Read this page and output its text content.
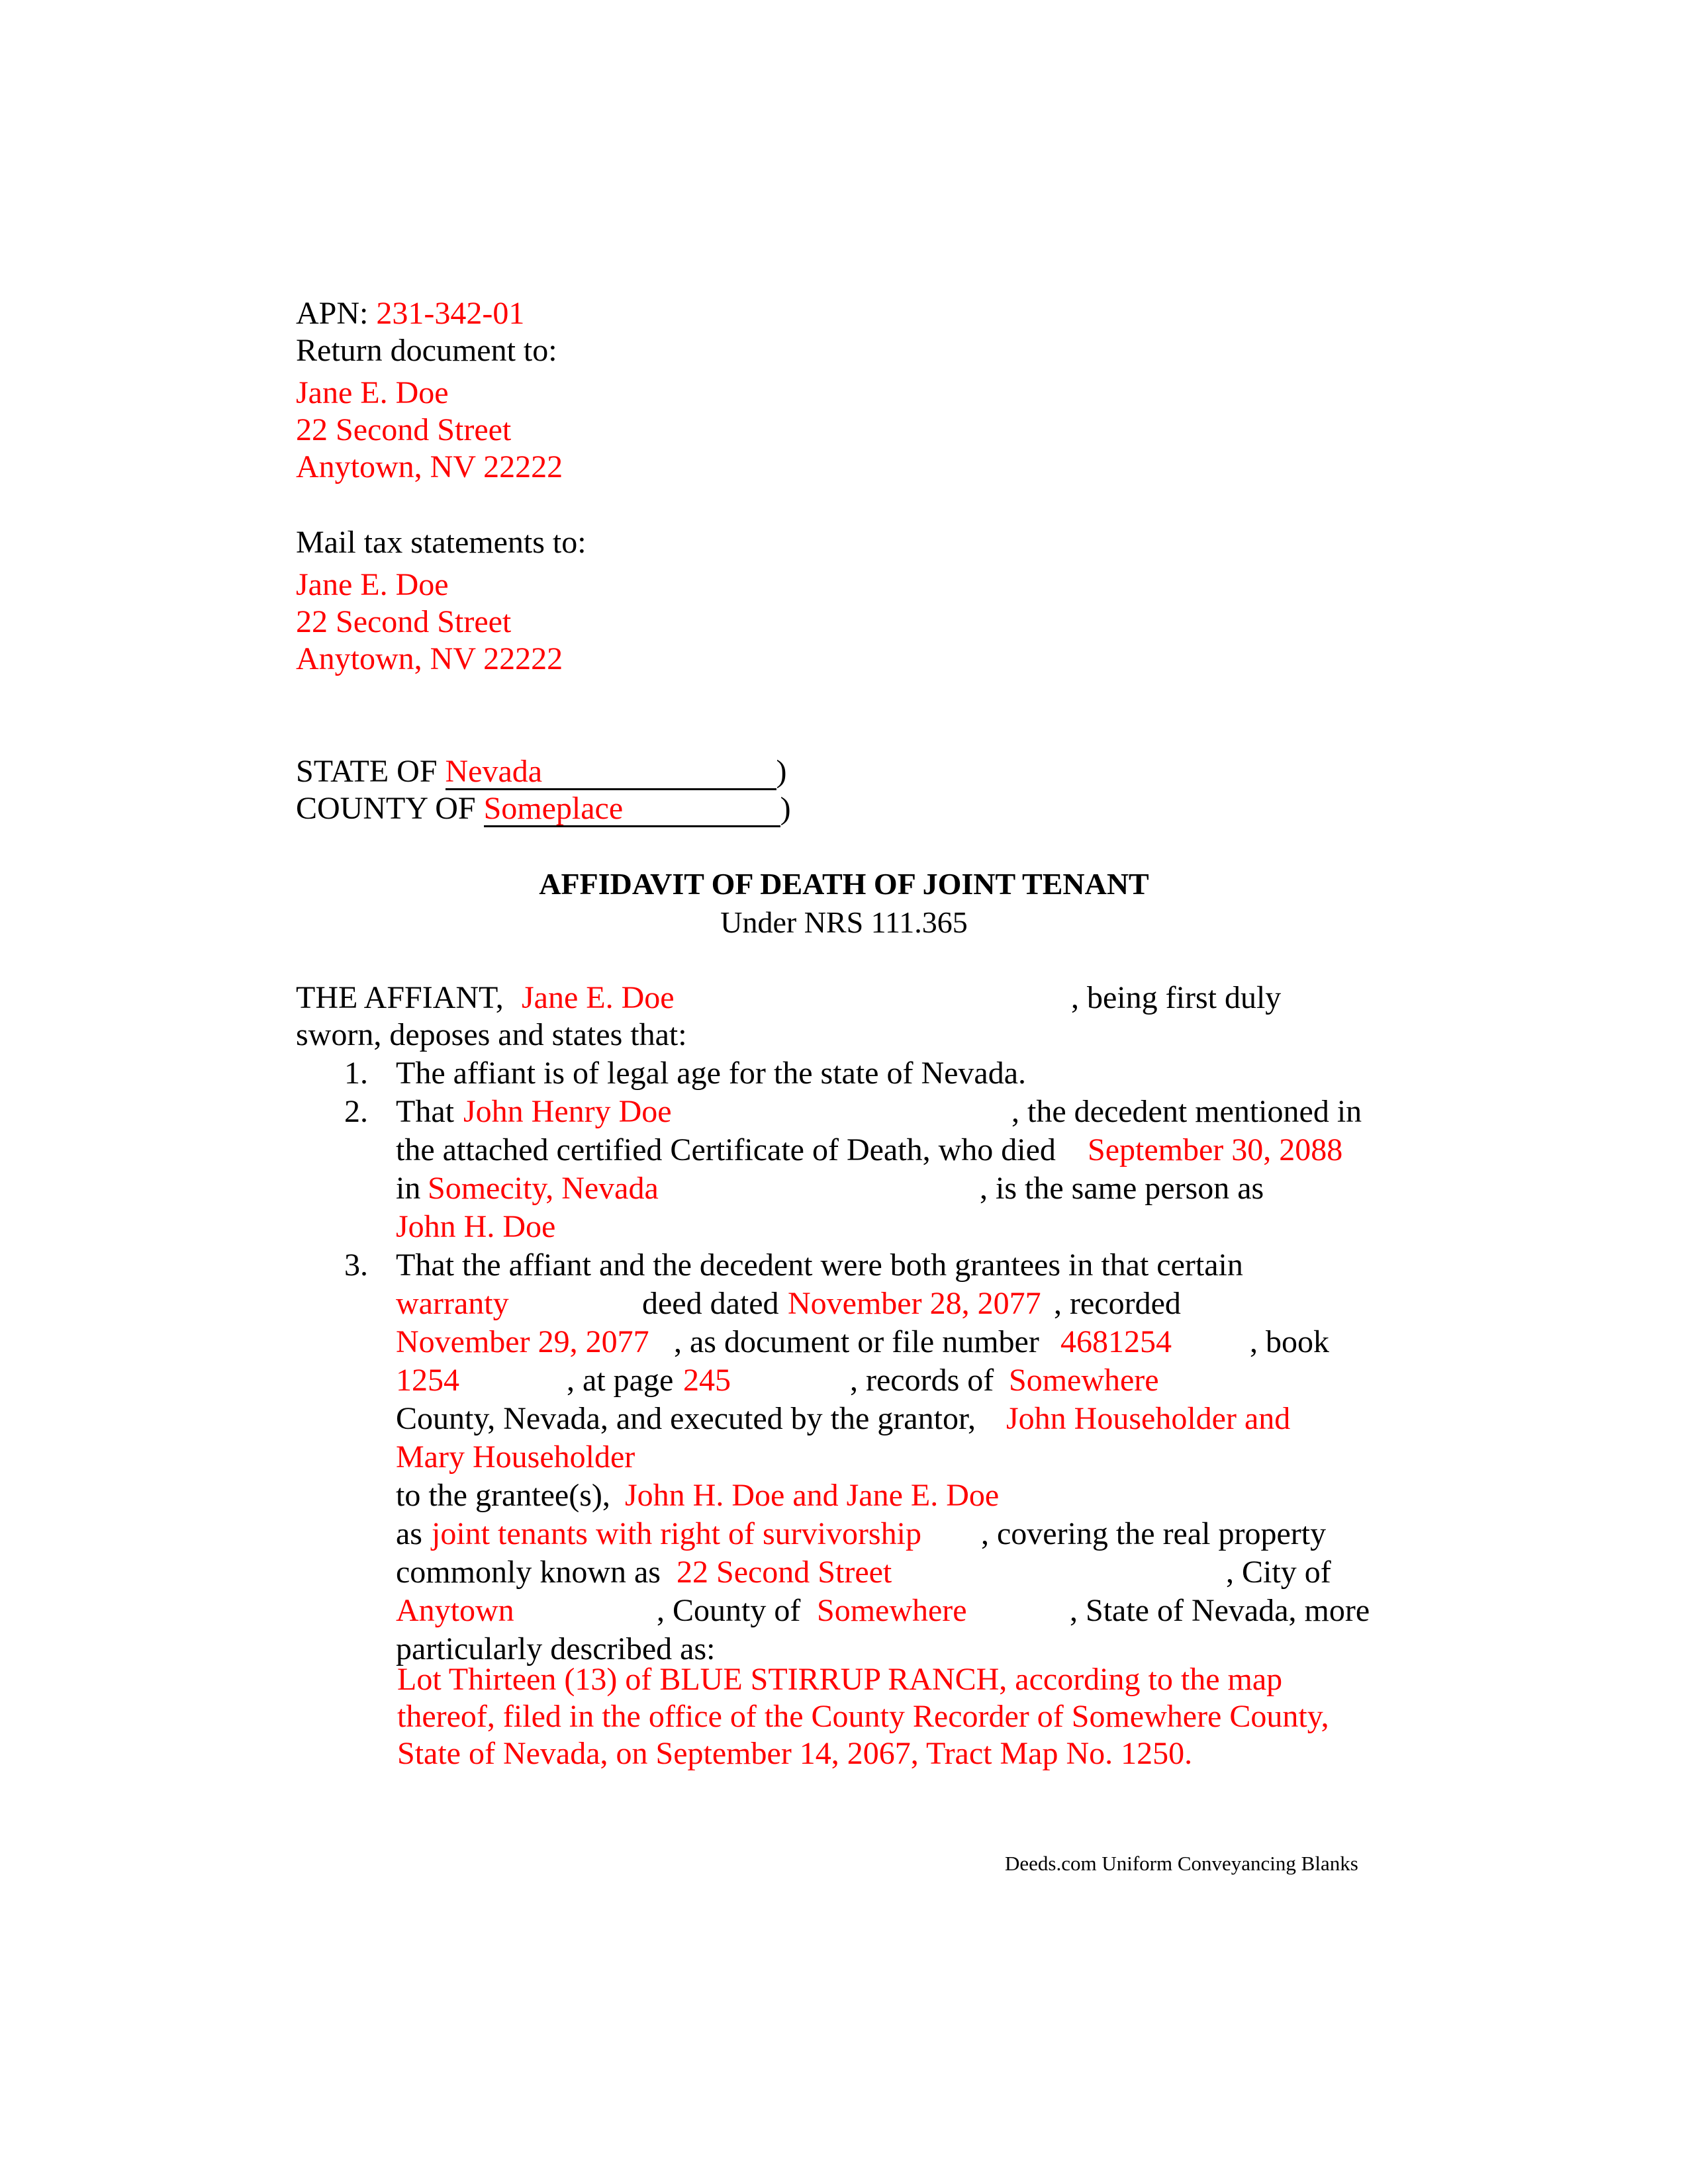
APN: 231-342-01
Return document to:
Jane E. Doe
22 Second Street
Anytown, NV 22222
Mail tax statements to:
Jane E. Doe
22 Second Street
Anytown, NV 22222
STATE OF Nevada	)
COUNTY OF Someplace	)
AFFIDAVIT OF DEATH OF JOINT TENANT
Under NRS 111.365
THE AFFIANT, Jane E. Doe	, being first duly
sworn, deposes and states that:
1. The affiant is of legal age for the state of Nevada.
2. That John Henry Doe	, the decedent mentioned in
the attached certified Certificate of Death, who died September 30, 2088
in Somecity, Nevada	, is the same person as
John H. Doe
3. That the affiant and the decedent were both grantees in that certain
warranty	deed dated November 28, 2077 , recorded
November 29, 2077 , as document or file number 4681254 , book
1254	, at page 245	, records of Somewhere
County, Nevada, and executed by the grantor, John Householder and
Mary Householder
to the grantee(s), John H. Doe and Jane E. Doe
as joint tenants with right of survivorship , covering the real property
commonly known as 22 Second Street	, City of
Anytown	, County of Somewhere	, State of Nevada, more
particularly described as:
Lot Thirteen (13) of BLUE STIRRUP RANCH, according to the map
thereof, filed in the office of the County Recorder of Somewhere County,
State of Nevada, on September 14, 2067, Tract Map No. 1250.
Deeds.com Uniform Conveyancing Blanks
